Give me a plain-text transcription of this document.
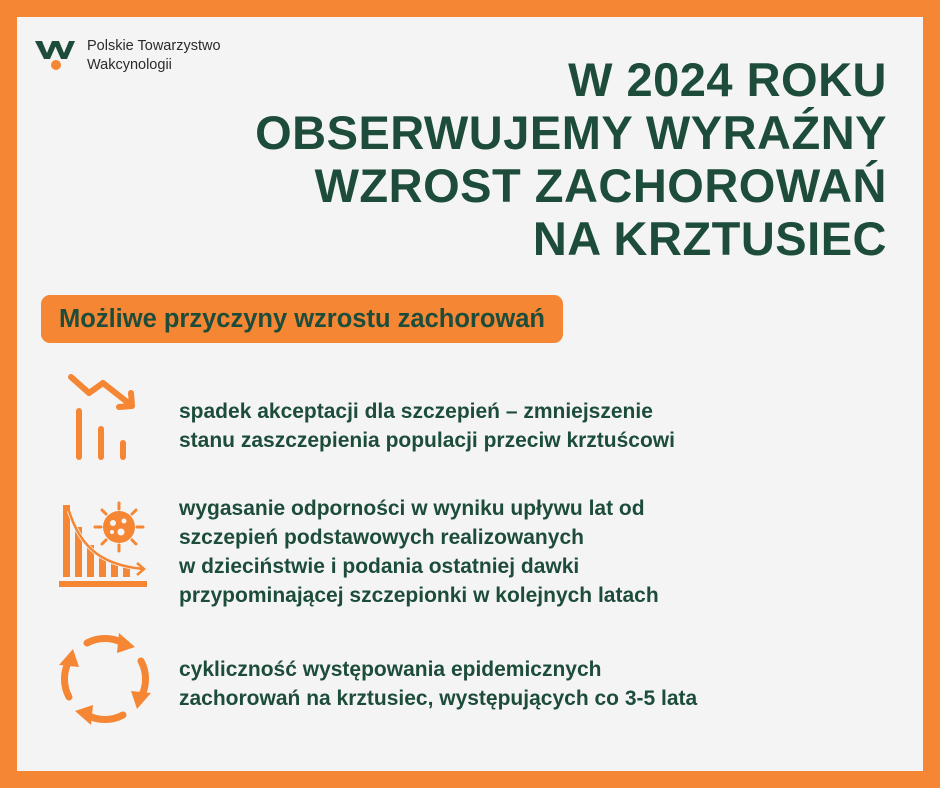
Polskie Towarzystwo
Wakcynologii	W 2024 ROKU
OBSERWUJEMY WYRAŹNY
WZROST ZACHOROWAŃ
NA KRZTUSIEC
Możliwe przyczyny wzrostu zachorowań
spadek akceptacji dla szczepień – zmniejszenie
stanu zaszczepienia populacji przeciw krztuścowi
wygasanie odporności w wyniku upływu lat od
szczepień podstawowych realizowanych
w dzieciństwie i podania ostatniej dawki
przypominającej szczepionki w kolejnych latach
cykliczność występowania epidemicznych
zachorowań na krztusiec, występujących co 3-5 lata
